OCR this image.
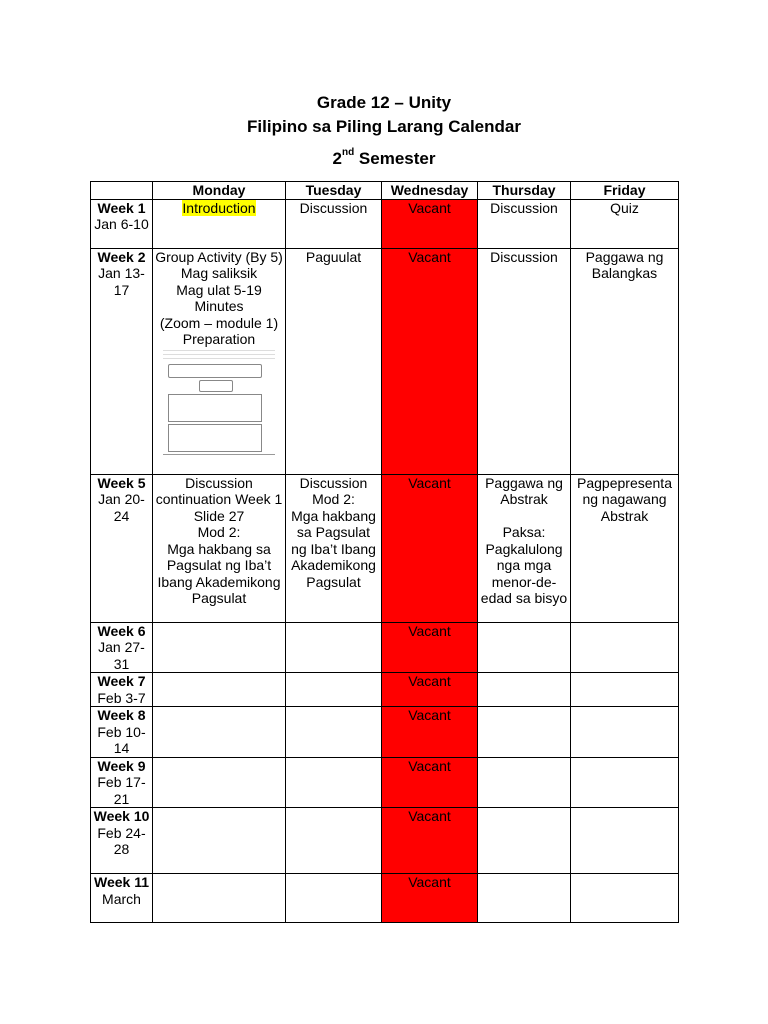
Grade 12 – Unity
Filipino sa Piling Larang Calendar
2nd Semester
	Monday	Tuesday	Wednesday	Thursday	Friday

Week 1
Jan 6-10	Introduction	Discussion	Vacant	Discussion	Quiz

Week 2
Jan 13-17	Group Activity (By 5)
Mag saliksik
Mag ulat 5-19 Minutes
(Zoom – module 1)
Preparation	Paguulat	Vacant	Discussion	Paggawa ng Balangkas

Week 5
Jan 20-24	Discussion continuation Week 1 Slide 27
Mod 2:
Mga hakbang sa Pagsulat ng Iba’t Ibang Akademikong Pagsulat	Discussion
Mod 2:
Mga hakbang sa Pagsulat ng Iba’t Ibang Akademikong Pagsulat	Vacant	Paggawa ng Abstrak

Paksa:
Pagkalulong nga mga menor-de-edad sa bisyo	Pagpepresenta ng nagawang Abstrak

Week 6
Jan 27-31			Vacant		

Week 7
Feb 3-7			Vacant		

Week 8
Feb 10-14			Vacant		

Week 9
Feb 17-21			Vacant		

Week 10
Feb 24-28			Vacant		

Week 11
March			Vacant		
